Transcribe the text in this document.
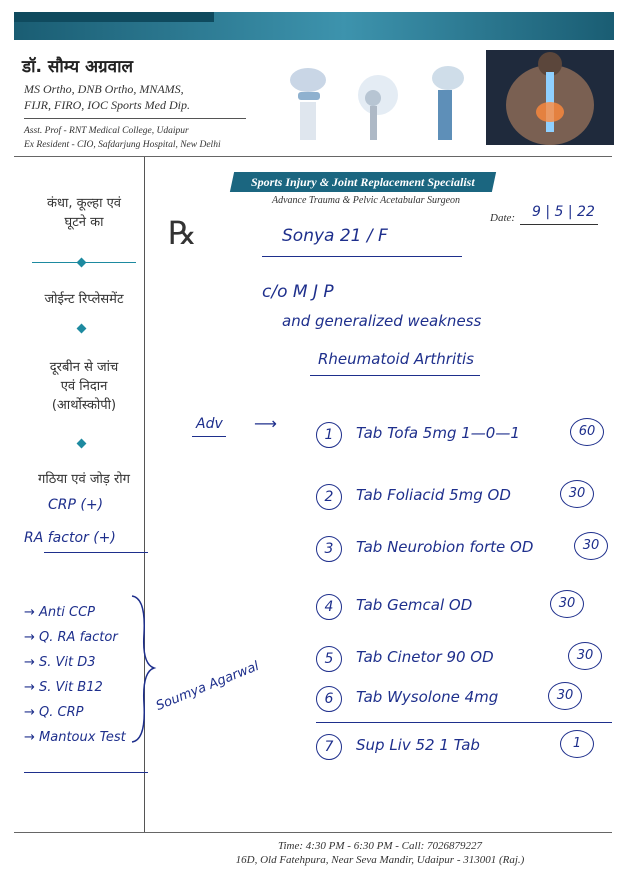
डॉ. सौम्य अग्रवाल
MS Ortho, DNB Ortho, MNAMS,
FIJR, FIRO, IOC Sports Med Dip.
Asst. Prof - RNT Medical College, Udaipur
Ex Resident - CIO, Safdarjung Hospital, New Delhi
कंधा, कूल्हा एवं
घूटने का
जोईन्ट रिप्लेसमेंट
दूरबीन से जांच
एवं निदान
(आर्थोस्कोपी)
गठिया एवं जोड़ रोग
CRP (+)
RA factor (+)
→ Anti CCP
→ Q. RA factor
→ S. Vit D3
→ S. Vit B12
→ Q. CRP
→ Mantoux Test
Soumya Agarwal
Sports Injury & Joint Replacement Specialist
Advance Trauma & Pelvic Acetabular Surgeon
℞	Date: 9 | 5 | 22
Sonya 21 / F
c/o M J P
and generalized weakness
Rheumatoid Arthritis
Adv ⟶
1	Tab Tofa 5mg 1—0—1	60
2	Tab Foliacid 5mg OD	30
3	Tab Neurobion forte OD	30
4	Tab Gemcal OD	30
5	Tab Cinetor 90 OD	30
6	Tab Wysolone 4mg	30
7	Sup Liv 52 1 Tab	1
Time: 4:30 PM - 6:30 PM - Call: 7026879227
16D, Old Fatehpura, Near Seva Mandir, Udaipur - 313001 (Raj.)
